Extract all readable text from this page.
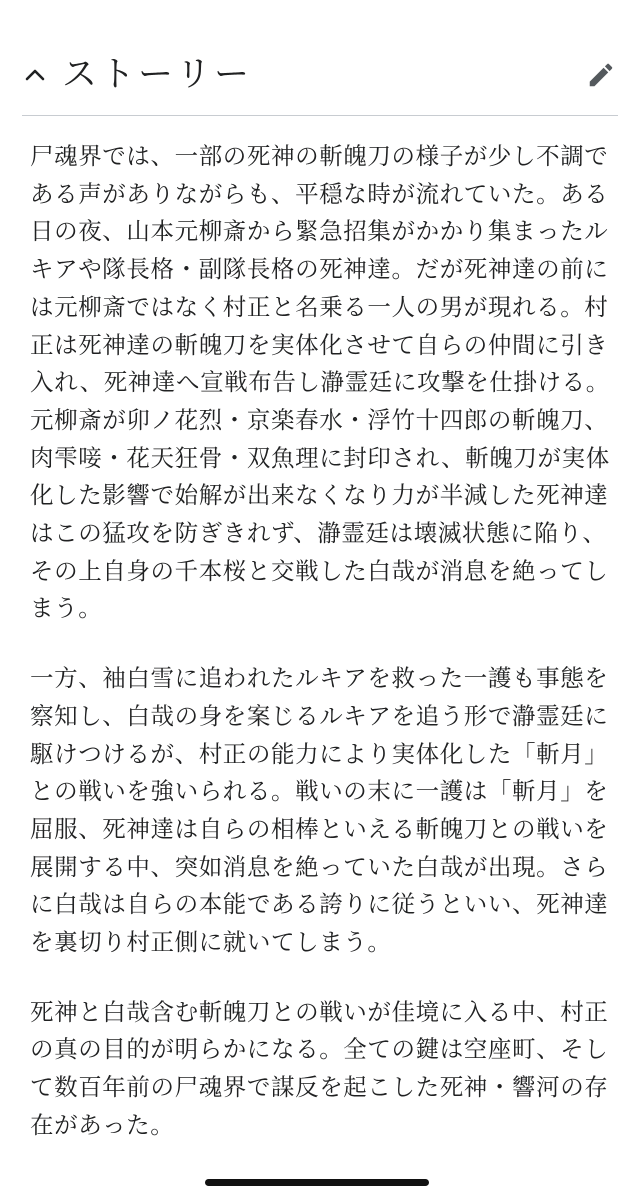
ストーリー

尸魂界では、一部の死神の斬魄刀の様子が少し不調である声がありながらも、平穏な時が流れていた。ある日の夜、山本元柳斎から緊急招集がかかり集まったルキアや隊長格・副隊長格の死神達。だが死神達の前には元柳斎ではなく村正と名乗る一人の男が現れる。村正は死神達の斬魄刀を実体化させて自らの仲間に引き入れ、死神達へ宣戦布告し瀞霊廷に攻撃を仕掛ける。元柳斎が卯ノ花烈・京楽春水・浮竹十四郎の斬魄刀、肉雫唼・花天狂骨・双魚理に封印され、斬魄刀が実体化した影響で始解が出来なくなり力が半減した死神達はこの猛攻を防ぎきれず、瀞霊廷は壊滅状態に陥り、その上自身の千本桜と交戦した白哉が消息を絶ってしまう。

一方、袖白雪に追われたルキアを救った一護も事態を察知し、白哉の身を案じるルキアを追う形で瀞霊廷に駆けつけるが、村正の能力により実体化した「斬月」との戦いを強いられる。戦いの末に一護は「斬月」を屈服、死神達は自らの相棒といえる斬魄刀との戦いを展開する中、突如消息を絶っていた白哉が出現。さらに白哉は自らの本能である誇りに従うといい、死神達を裏切り村正側に就いてしまう。

死神と白哉含む斬魄刀との戦いが佳境に入る中、村正の真の目的が明らかになる。全ての鍵は空座町、そして数百年前の尸魂界で謀反を起こした死神・響河の存在があった。
